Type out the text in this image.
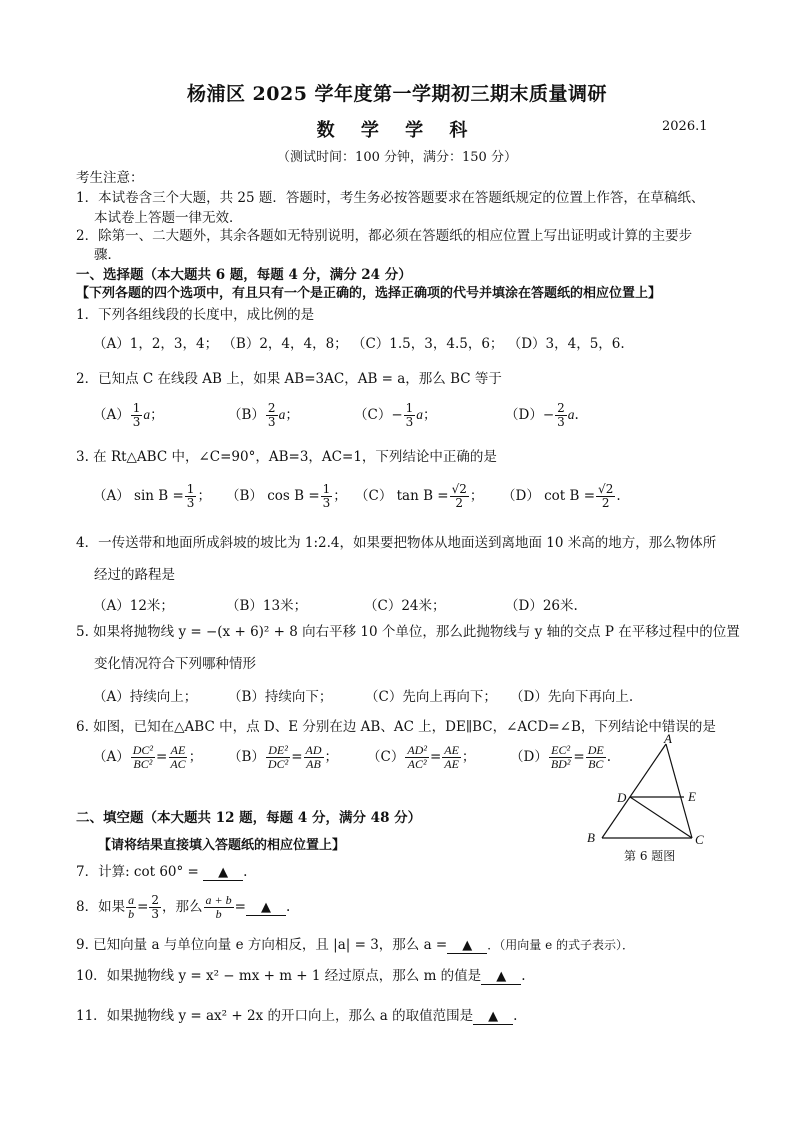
杨浦区 2025 学年度第一学期初三期末质量调研
数 学 学 科	2026.1
（测试时间：100 分钟，满分：150 分）
考生注意：
1．本试卷含三个大题，共 25 题．答题时，考生务必按答题要求在答题纸规定的位置上作答，在草稿纸、
本试卷上答题一律无效．
2．除第一、二大题外，其余各题如无特别说明，都必须在答题纸的相应位置上写出证明或计算的主要步
骤．
一、选择题（本大题共 6 题，每题 4 分，满分 24 分）
【下列各题的四个选项中，有且只有一个是正确的，选择正确项的代号并填涂在答题纸的相应位置上】
1．下列各组线段的长度中，成比例的是
（A）1，2，3，4； （B）2，4，4，8； （C）1.5，3，4.5，6； （D）3，4，5，6.
2．已知点 C 在线段 AB 上，如果 AB=3AC，AB = a，那么 BC 等于
$(A) \frac{1}{3}$ a；	$(B) \frac{2}{3}$ a；	$(C)- \frac{1}{3}$ a；	$(D)- \frac{2}{3} a$.
3. 在 Rt△ABC 中，∠C=90°，AB=3，AC=1，下列结论中正确的是
（A） $\sin B = \frac{1}{3}$ ； （B） $\cos B = \frac{1}{3}$ ； （C） $\tan B = \frac{√2}{2}$ ； （D） $\cot B = \frac{√2}{2}$ .
4．一传送带和地面所成斜坡的坡比为 1:2.4，如果要把物体从地面送到离地面 10 米高的地方，那么物体所
经过的路程是
（A）12米；	（B）13米；	（C）24米；	（D）26米.
5. 如果将抛物线 y = −(x + 6)² + 8 向右平移 10 个单位，那么此抛物线与 y 轴的交点 P 在平移过程中的位置
变化情况符合下列哪种情形
（A）持续向上； （B）持续向下； （C）先向上再向下； （D）先向下再向上.
6. 如图，已知在△ABC 中，点 D、E 分别在边 AB、AC 上，DE∥BC，∠ACD=∠B，下列结论中错误的是
$(A) \frac{\text{DC²}}{\text{BC²}} = \frac{AE}{AC}$ ； $(B) \frac{\text{DE²}}{\text{DC²}} = \frac{AD}{AB}$ ； $(C) \frac{\text{AD²}}{\text{AC²}} = \frac{AE}{AE}$ ；	$(D) \frac{\text{EC²}}{\text{BD²}} = \frac{DE}{BC}$ .
A
D	E
B	C
第 6 题图
二、填空题（本大题共 12 题，每题 4 分，满分 48 分）
【请将结果直接填入答题纸的相应位置上】
7．计算: cot 60° = ▲ .
8．如果 $\frac{a}{b} = \frac{2}{3}$ ，那么 $\frac{a + b}{b}$ = ▲ .
9. 已知向量 a 与单位向量 e 方向相反，且 |a| = 3，那么 a = ▲ ．（用向量 e 的式子表示）．
10．如果抛物线 y = x² − mx + m + 1 经过原点，那么 m 的值是 ▲ .
11．如果抛物线 y = ax² + 2x 的开口向上，那么 a 的取值范围是 ▲ .
